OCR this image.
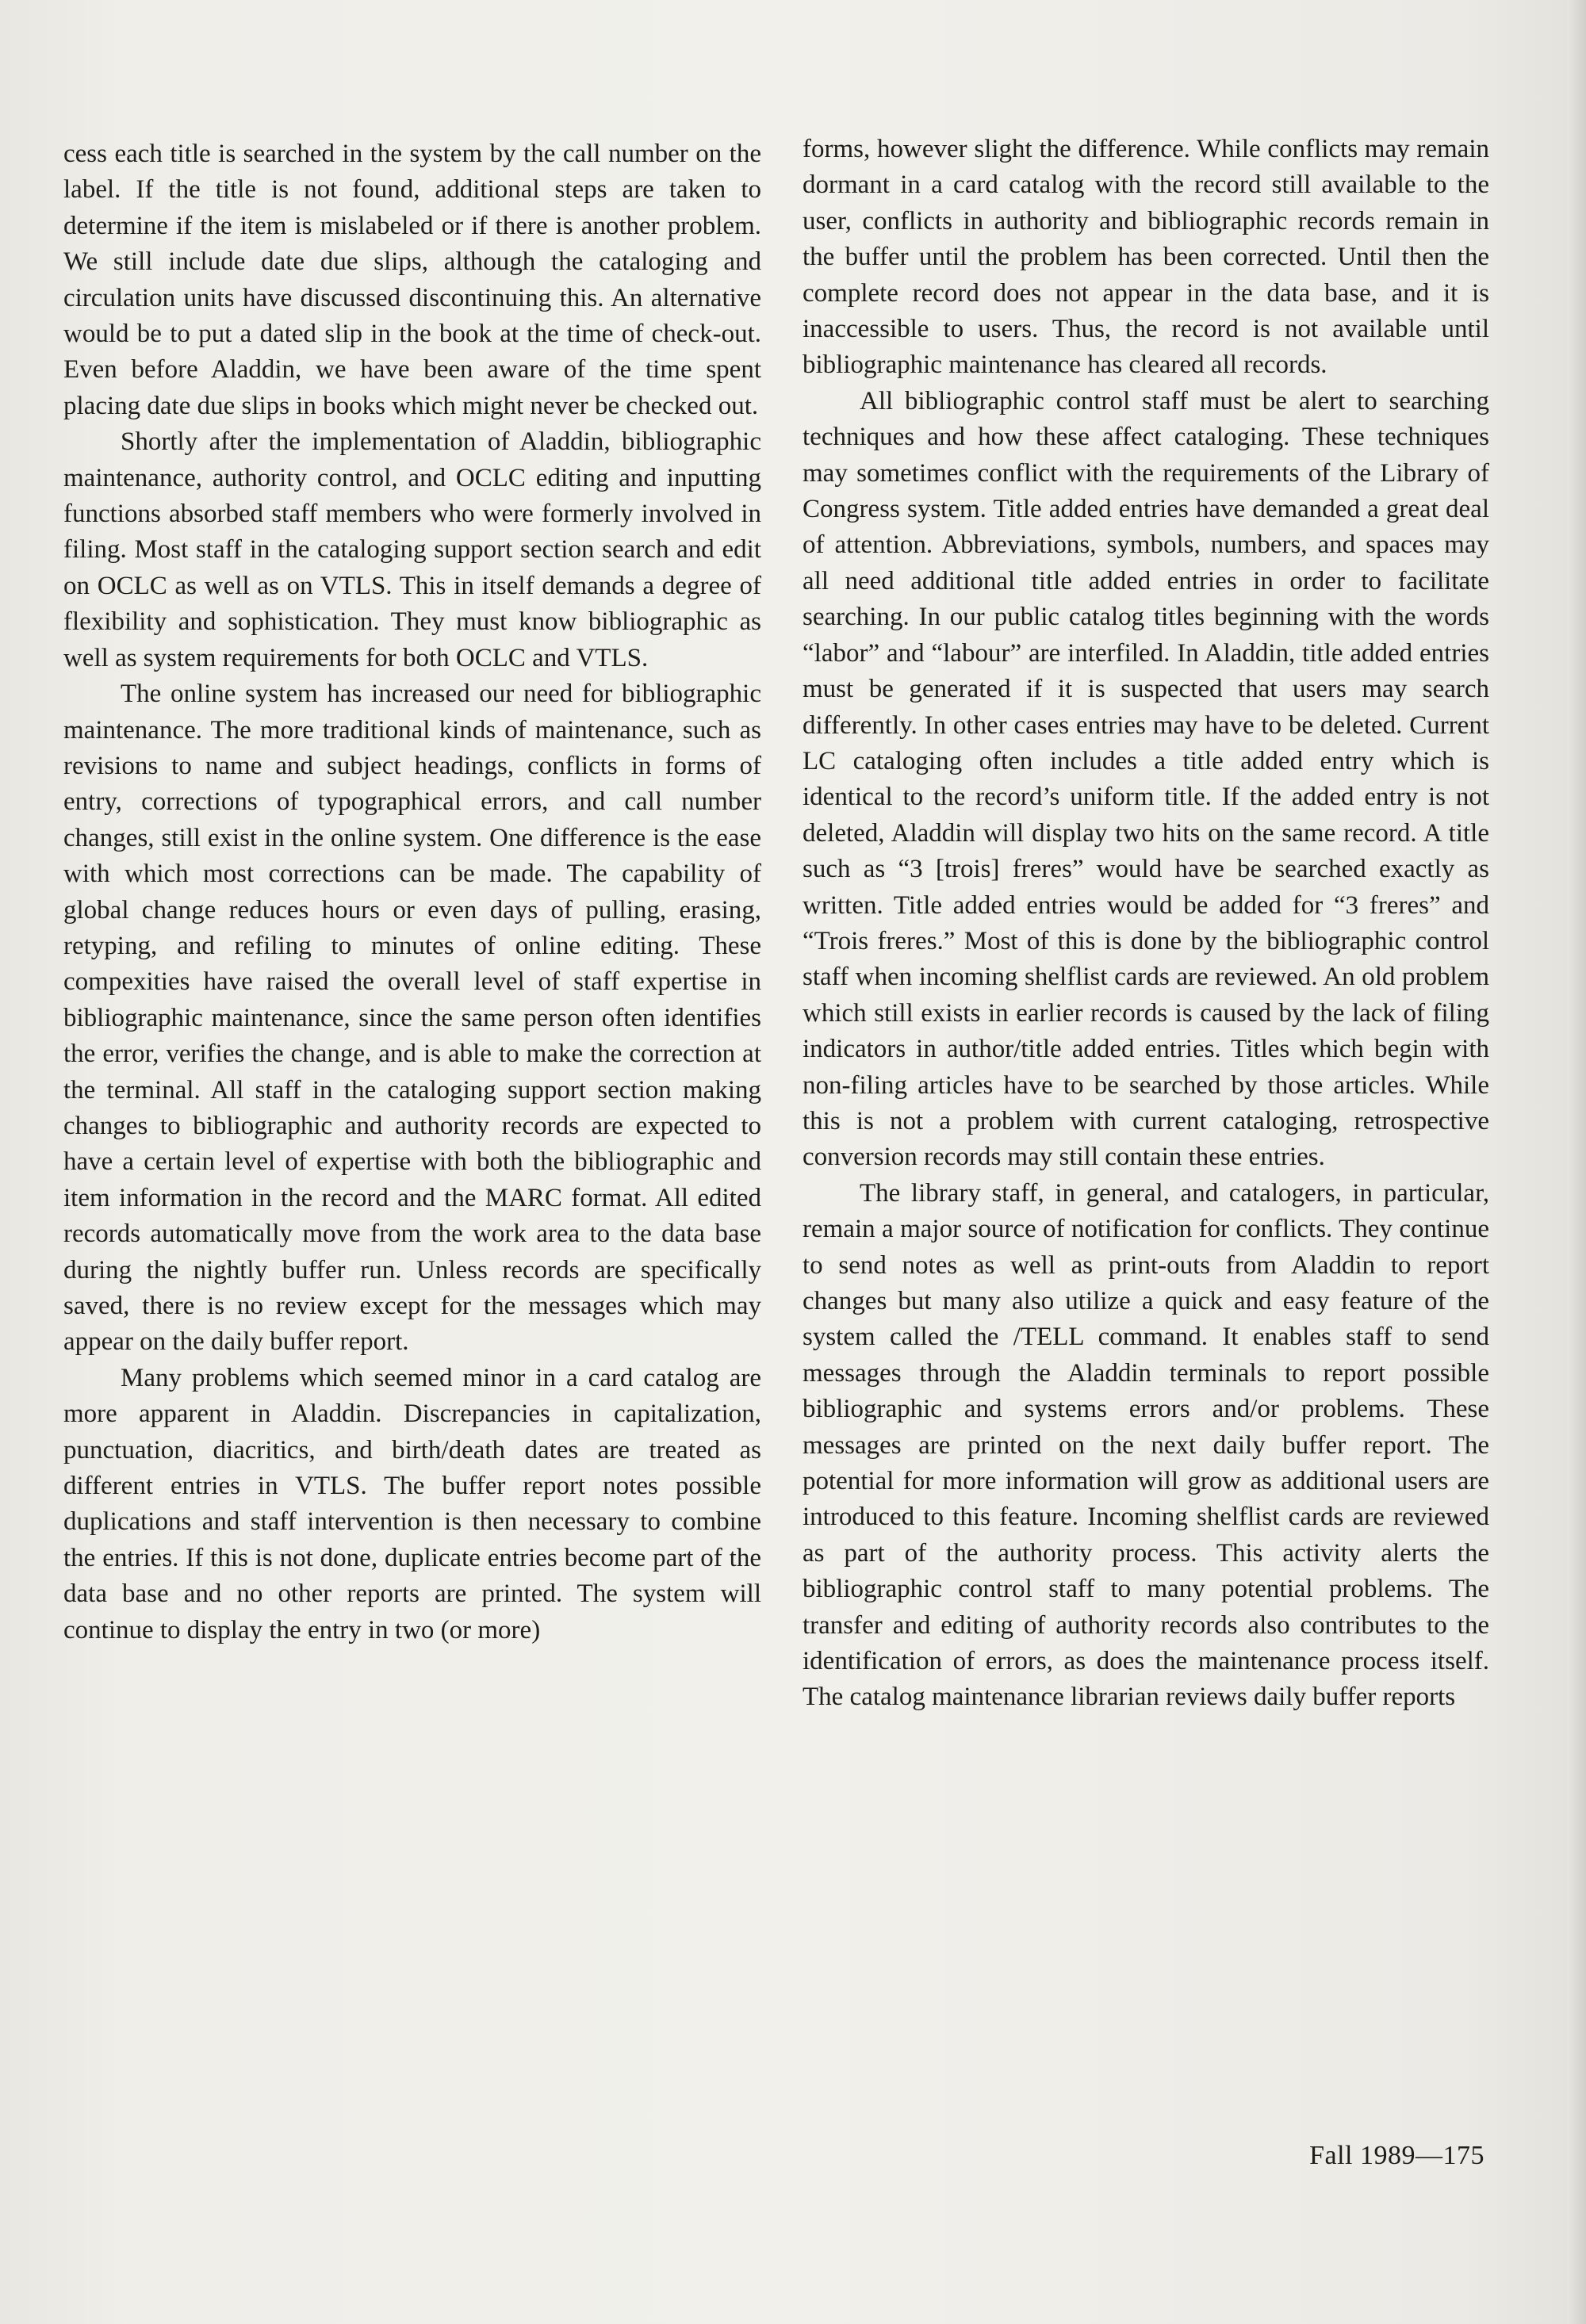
cess each title is searched in the system by the call number on the label. If the title is not found, additional steps are taken to determine if the item is mislabeled or if there is another problem. We still include date due slips, although the cataloging and circulation units have discussed discontinuing this. An alternative would be to put a dated slip in the book at the time of check-out. Even before Aladdin, we have been aware of the time spent placing date due slips in books which might never be checked out.

Shortly after the implementation of Aladdin, bibliographic maintenance, authority control, and OCLC editing and inputting functions absorbed staff members who were formerly involved in filing. Most staff in the cataloging support section search and edit on OCLC as well as on VTLS. This in itself demands a degree of flexibility and sophistication. They must know bibliographic as well as system requirements for both OCLC and VTLS.

The online system has increased our need for bibliographic maintenance. The more traditional kinds of maintenance, such as revisions to name and subject headings, conflicts in forms of entry, corrections of typographical errors, and call number changes, still exist in the online system. One difference is the ease with which most corrections can be made. The capability of global change reduces hours or even days of pulling, erasing, retyping, and refiling to minutes of online editing. These compexities have raised the overall level of staff expertise in bibliographic maintenance, since the same person often identifies the error, verifies the change, and is able to make the correction at the terminal. All staff in the cataloging support section making changes to bibliographic and authority records are expected to have a certain level of expertise with both the bibliographic and item information in the record and the MARC format. All edited records automatically move from the work area to the data base during the nightly buffer run. Unless records are specifically saved, there is no review except for the messages which may appear on the daily buffer report.

Many problems which seemed minor in a card catalog are more apparent in Aladdin. Discrepancies in capitalization, punctuation, diacritics, and birth/death dates are treated as different entries in VTLS. The buffer report notes possible duplications and staff intervention is then necessary to combine the entries. If this is not done, duplicate entries become part of the data base and no other reports are printed. The system will continue to display the entry in two (or more)

forms, however slight the difference. While conflicts may remain dormant in a card catalog with the record still available to the user, conflicts in authority and bibliographic records remain in the buffer until the problem has been corrected. Until then the complete record does not appear in the data base, and it is inaccessible to users. Thus, the record is not available until bibliographic maintenance has cleared all records.

All bibliographic control staff must be alert to searching techniques and how these affect cataloging. These techniques may sometimes conflict with the requirements of the Library of Congress system. Title added entries have demanded a great deal of attention. Abbreviations, symbols, numbers, and spaces may all need additional title added entries in order to facilitate searching. In our public catalog titles beginning with the words “labor” and “labour” are interfiled. In Aladdin, title added entries must be generated if it is suspected that users may search differently. In other cases entries may have to be deleted. Current LC cataloging often includes a title added entry which is identical to the record’s uniform title. If the added entry is not deleted, Aladdin will display two hits on the same record. A title such as “3 [trois] freres” would have be searched exactly as written. Title added entries would be added for “3 freres” and “Trois freres.” Most of this is done by the bibliographic control staff when incoming shelflist cards are reviewed. An old problem which still exists in earlier records is caused by the lack of filing indicators in author/title added entries. Titles which begin with non-filing articles have to be searched by those articles. While this is not a problem with current cataloging, retrospective conversion records may still contain these entries.

The library staff, in general, and catalogers, in particular, remain a major source of notification for conflicts. They continue to send notes as well as print-outs from Aladdin to report changes but many also utilize a quick and easy feature of the system called the /TELL command. It enables staff to send messages through the Aladdin terminals to report possible bibliographic and systems errors and/or problems. These messages are printed on the next daily buffer report. The potential for more information will grow as additional users are introduced to this feature. Incoming shelflist cards are reviewed as part of the authority process. This activity alerts the bibliographic control staff to many potential problems. The transfer and editing of authority records also contributes to the identification of errors, as does the maintenance process itself. The catalog maintenance librarian reviews daily buffer reports

Fall 1989—175
